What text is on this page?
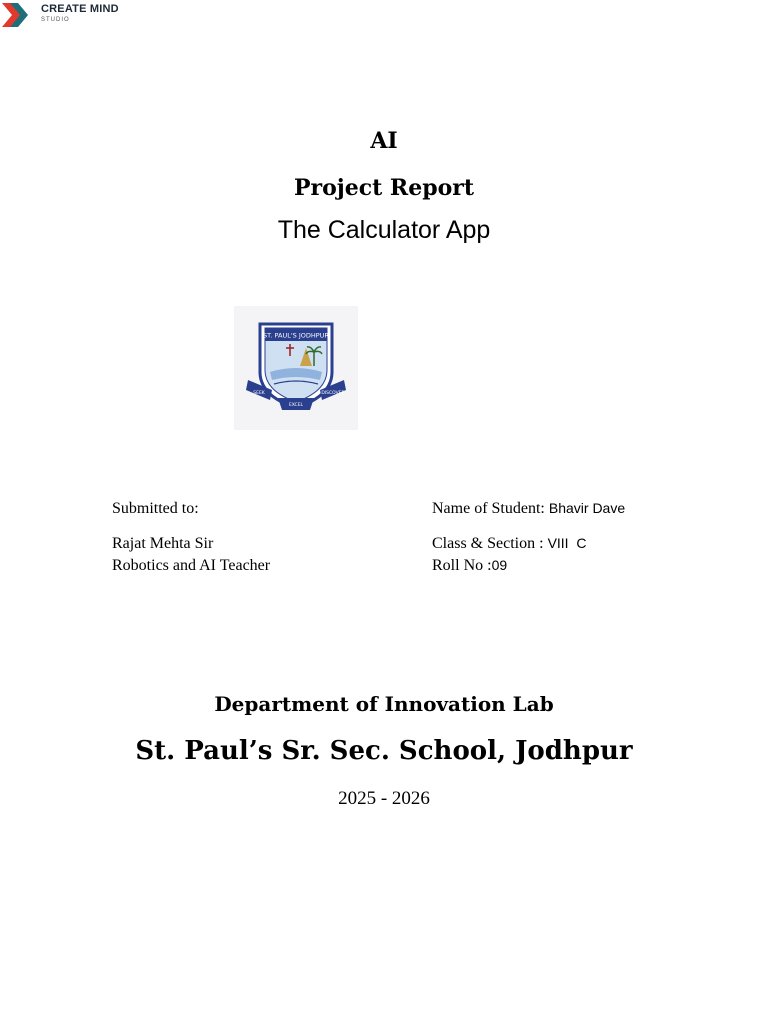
AI
Project Report
The Calculator App
ST. PAUL'S JODHPUR
SEEK	DISCOVER
EXCEL
CREATE MIND
STUDIO
Submitted to:
Rajat Mehta Sir
Robotics and AI Teacher
Name of Student: Bhavir Dave
Class & Section : VIII  C
Roll No :09
Department of Innovation Lab
St. Paul’s Sr. Sec. School, Jodhpur
2025 - 2026
